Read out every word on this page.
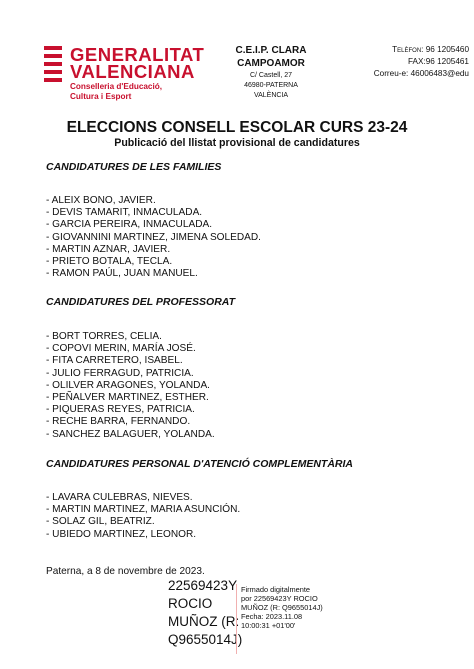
GENERALITAT
VALENCIANA
Conselleria d'Educació,
Cultura i Esport
C.E.I.P. CLARA
CAMPOAMOR
C/ Castell, 27
46980-PATERNA
VALÈNCIA
Telèfon: 96 1205460
FAX:96 1205461
Correu-e: 46006483@edu
ELECCIONS CONSELL ESCOLAR CURS 23-24
Publicació del llistat provisional de candidatures
CANDIDATURES DE LES FAMILIES
- ALEIX BONO, JAVIER.
- DEVIS TAMARIT, INMACULADA.
- GARCIA PEREIRA, INMACULADA.
- GIOVANNINI MARTINEZ, JIMENA SOLEDAD.
- MARTIN AZNAR, JAVIER.
- PRIETO BOTALA, TECLA.
- RAMON PAÚL, JUAN MANUEL.
CANDIDATURES DEL PROFESSORAT
- BORT TORRES, CELIA.
- COPOVI MERIN, MARÍA JOSÉ.
- FITA CARRETERO, ISABEL.
- JULIO FERRAGUD, PATRICIA.
- OLILVER ARAGONES, YOLANDA.
- PEÑALVER MARTINEZ, ESTHER.
- PIQUERAS REYES, PATRICIA.
- RECHE BARRA, FERNANDO.
- SANCHEZ BALAGUER, YOLANDA.
CANDIDATURES PERSONAL D'ATENCIÓ COMPLEMENTÀRIA
- LAVARA CULEBRAS, NIEVES.
- MARTIN MARTINEZ, MARIA ASUNCIÓN.
- SOLAZ GIL, BEATRIZ.
- UBIEDO MARTINEZ, LEONOR.
Paterna, a 8 de novembre de 2023.
22569423Y
ROCIO
MUÑOZ (R:
Q9655014J)
Firmado digitalmente
por 22569423Y ROCIO
MUÑOZ (R: Q9655014J)
Fecha: 2023.11.08
10:00:31 +01'00'
